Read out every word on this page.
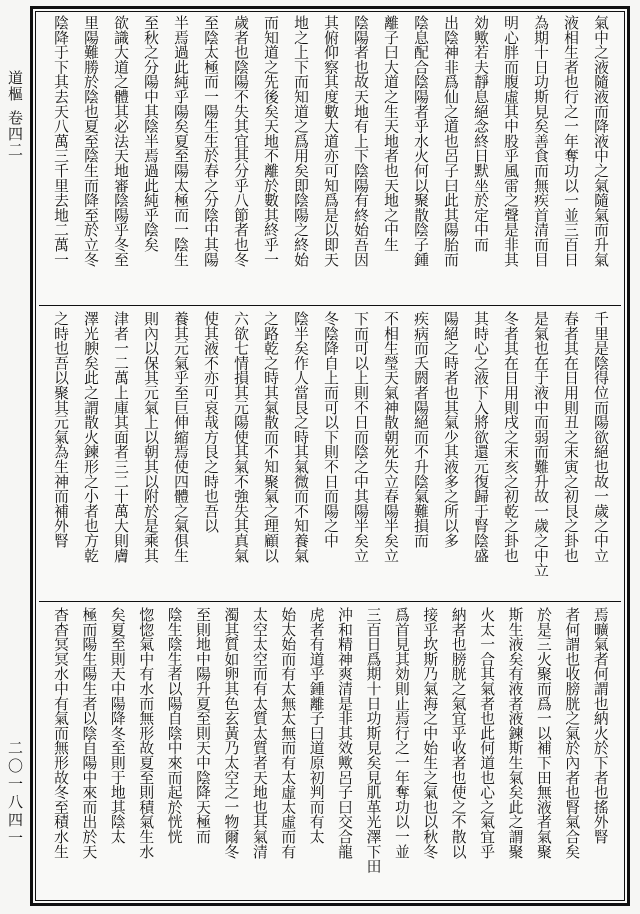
道樞
卷四二
二〇一八四一
氣中之液隨液而降液中之氣隨氣而升氣
液相生者也行之一年奪功以一並三百日
為期十日功斯見矣善食而無疾首清而目
明心胖而腹虛其中股乎風雷之聲是非其
効歟若夫靜息絕念終日默坐於定中而
出陰神非爲仙之道也呂子曰此其陽胎而
陰息配合陰陽者乎水火何以聚散陰子鍾
離子曰大道之生天地者也天地之中生
陰陽者也故天地有上下陰陽有終始吾因
其俯仰察其度數大道亦可知爲是以即天
地之上下而知道之爲用矣即陰陽之終始
而知道之先後矣天地不離於數其終乎一
歲者也陰陽不失其宜其分乎八節者也冬
至陰太極而一陽生生於春之分陰中其陽
半焉過此純乎陽矣夏至陽太極而一陰生
至秋之分陽中其陰半焉過此純乎陰矣
欲識大道之體其必法天地審陰陽乎冬至
里陽難勝於陰也夏至陰生而降至於立冬
陰降于下其去天八萬三千里去地二萬一
千里是陰得位而陽欲絕也故一歲之中立
春者其在日用則丑之末寅之初艮之卦也
是氣也在于液中而弱而難升故一歲之中立
冬者其在日用則戌之末亥之初乾之卦也
其時心之液下入將欲還元復歸于腎陰盛
陽絕之時者也其氣少其液多之所以多
疾病而夭閼者陽絕而不升陰氣難損而
不相生瑩天氣神散朝死失立春陽半矣立
下而可以上則不日而陰之中其陽半矣立
冬陰降自上而可以下則不日而陽之中
陰半矣作人當艮之時其氣微而不知養氣
之路乾之時其氣散而不知聚氣之理顧以
六欲七情損其元陽使其氣不強失其真氣
使其液不亦可哀哉方艮之時也吾以
養其元氣乎至巨伸縮焉使四體之氣俱生
則內以保其元氣上以朝其以附於是乘其
津者一二萬上庫其面者三二十萬大則膚
澤光腴矣此之謂散火鍊形之小者也方乾
之時也吾以聚其元氣為生神而補外腎
焉曠氣者何謂也納火於下者也搖外腎
者何謂也收膀胱之氣於內者也腎氣合矣
於是三火聚而爲一以補下田無液者氣聚
斯生液矣有液者液鍊斯生氣矣此之謂聚
火太一合其氣者也此何道也心之氣宜乎
納者也膀胱之氣宜乎收者也使之不散以
接乎坎斯乃氣海之中始生之氣也以秋冬
爲首見其効則止焉行之一年奪功以一並
三百日爲期十日功斯見矣見肌革光澤下田
沖和精神爽清是非其效歟呂子曰交合龍
虎者有道乎鍾離子曰道原初判而有太
始太始而有太無太無而有太虛太虛而有
太空太空而有太質太質者天地也其氣清
濁其質如卵其色玄黃乃太空之一物爾冬
至則地中陽升夏至則天中陰降天極而
陰生陰生者以陽自陰中來而起於恍恍
惚惚氣中有水而無形故夏至則積氣生水
矣夏至則天中陽降冬至則于地其陰太
極而陽生陽生者以陰自陽中來而出於天
杳杳冥冥水中有氣而無形故冬至積水生
